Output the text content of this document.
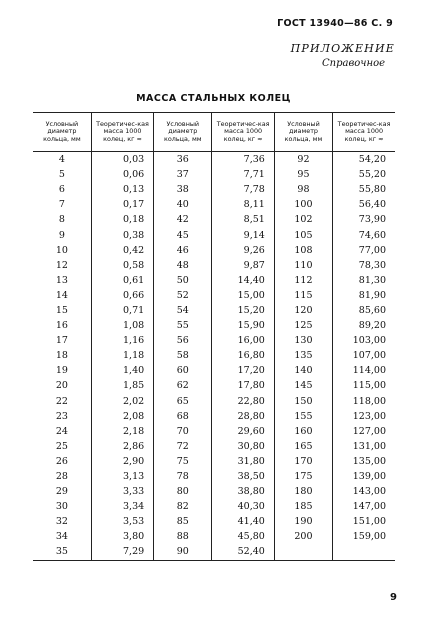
ГОСТ 13940—86 С. 9
ПРИЛОЖЕНИЕ
Справочное
МАССА СТАЛЬНЫХ КОЛЕЦ
Условный диаметр кольца, мм	Теоретичес-кая масса 1000 колец, кг ≈	Условный диаметр кольца, мм	Теоретичес-кая масса 1000 колец, кг ≈	Условный диаметр кольца, мм	Теоретичес-кая масса 1000 колец, кг ≈
4	0,03	36	7,36	92	54,20
5	0,06	37	7,71	95	55,20
6	0,13	38	7,78	98	55,80
7	0,17	40	8,11	100	56,40
8	0,18	42	8,51	102	73,90
9	0,38	45	9,14	105	74,60
10	0,42	46	9,26	108	77,00
12	0,58	48	9,87	110	78,30
13	0,61	50	14,40	112	81,30
14	0,66	52	15,00	115	81,90
15	0,71	54	15,20	120	85,60
16	1,08	55	15,90	125	89,20
17	1,16	56	16,00	130	103,00
18	1,18	58	16,80	135	107,00
19	1,40	60	17,20	140	114,00
20	1,85	62	17,80	145	115,00
22	2,02	65	22,80	150	118,00
23	2,08	68	28,80	155	123,00
24	2,18	70	29,60	160	127,00
25	2,86	72	30,80	165	131,00
26	2,90	75	31,80	170	135,00
28	3,13	78	38,50	175	139,00
29	3,33	80	38,80	180	143,00
30	3,34	82	40,30	185	147,00
32	3,53	85	41,40	190	151,00
34	3,80	88	45,80	200	159,00
35	7,29	90	52,40		
9
